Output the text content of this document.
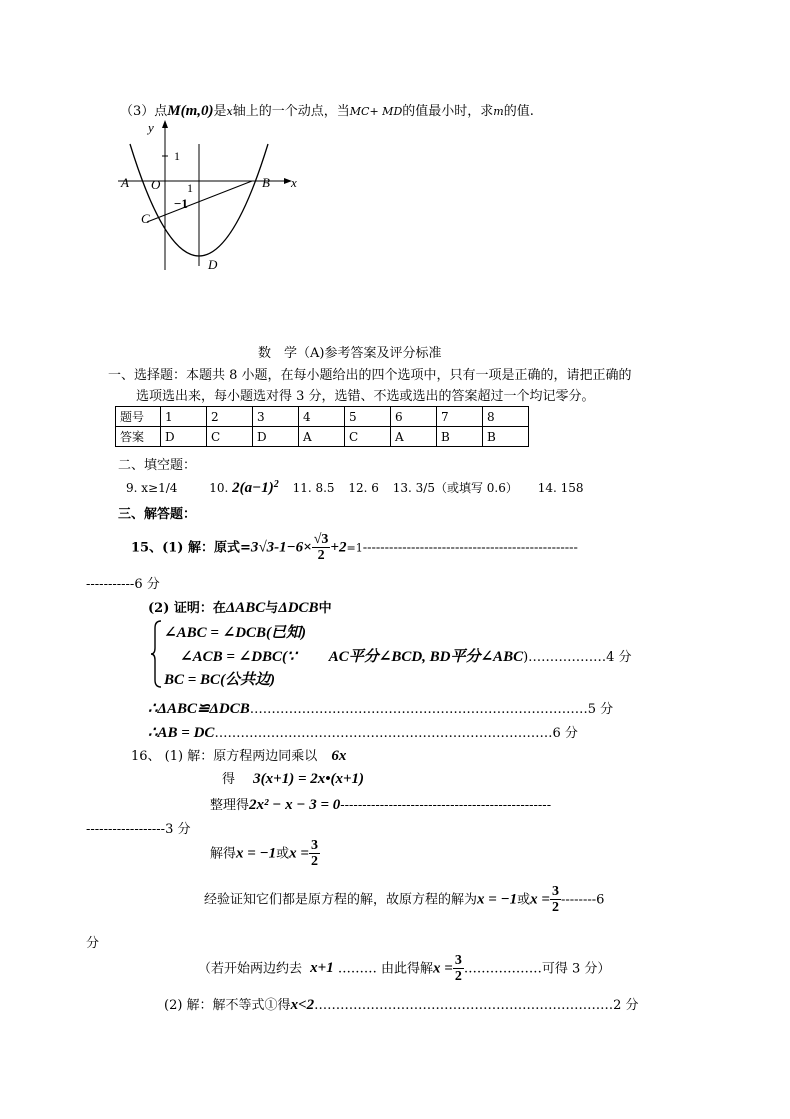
（3）点M(m,0)是x轴上的一个动点，当MC+ MD的值最小时，求m的值.
y
x
1
1
−1
A O	B
C
D
数　学（A)参考答案及评分标准
一、选择题：本题共 8 小题，在每小题给出的四个选项中，只有一项是正确的，请把正确的
选项选出来，每小题选对得 3 分，选错、不选或选出的答案超过一个均记零分。
题号	1	2	3	4	5	6	7	8
答案	D	C	D	A	C	A	B	B
二、填空题：
9. x≥1/4	10. $2(a-1)^2$ 11. 8.5 12. 6 13. 3/5（或填写 0.6） 14. 158
三、解答题：
15、(1) 解：原式$=3√3-1-6\times \frac{√3}{2} +2=1-------------------------------------------------$
-----------6 分
(2) 证明：在ΔABC与ΔDCB中
∠ABC = ∠DCB(已知)
∠ACB = ∠DBC(∵ AC平分∠BCD, BD平分∠ABC)………………4 分
BC = BC(公共边)
∴ΔABC≌ΔDCB……………………………………………………………………5 分
∴AB = DC……………………………………………………………………6 分
16、 (1) 解：原方程两边同乘以 6x
得 3(x+1) = 2x•(x+1)
整理得2x² − x − 3 = 0------------------------------------------------
------------------3 分
解得x = −1或$x = \frac{3}{2}$
经验证知它们都是原方程的解，故原方程的解为x = −1或$x = \frac{3}{2} --------6$
分
（若开始两边约去 x+1 ……… 由此得解$x = \frac{3}{2}$ ………………可得 3 分）
(2) 解：解不等式①得x<2……………………………………………………………2 分
